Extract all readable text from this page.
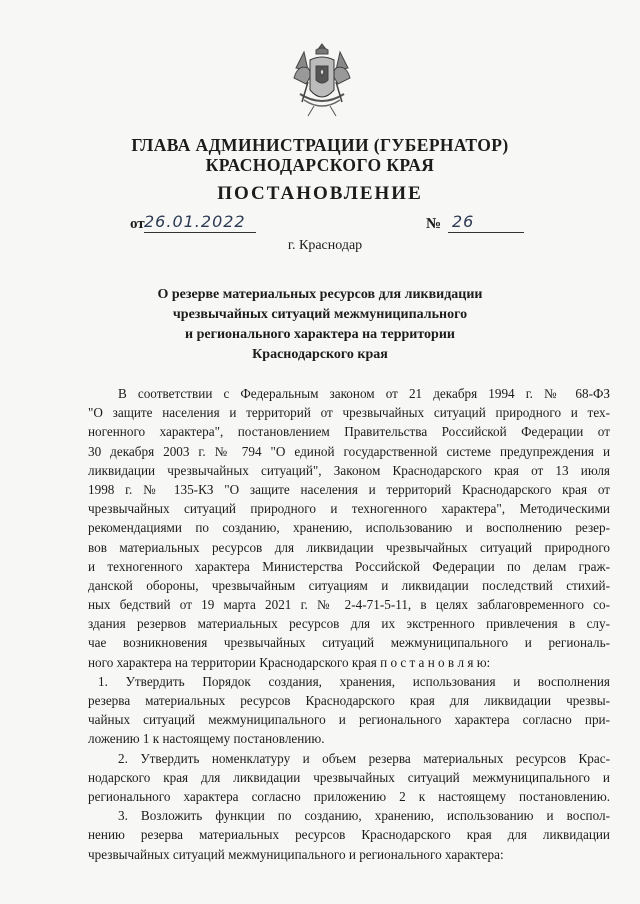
ГЛАВА АДМИНИСТРАЦИИ (ГУБЕРНАТОР)
КРАСНОДАРСКОГО КРАЯ
ПОСТАНОВЛЕНИЕ
от 26.01.2022	№ 26
г. Краснодар
О резерве материальных ресурсов для ликвидации
чрезвычайных ситуаций межмуниципального
и регионального характера на территории
Краснодарского края
В соответствии с Федеральным законом от 21 декабря 1994 г. № 68-ФЗ
"О защите населения и территорий от чрезвычайных ситуаций природного и тех-
ногенного характера", постановлением Правительства Российской Федерации от
30 декабря 2003 г. № 794 "О единой государственной системе предупреждения и
ликвидации чрезвычайных ситуаций", Законом Краснодарского края от 13 июля
1998 г. № 135-КЗ "О защите населения и территорий Краснодарского края от
чрезвычайных ситуаций природного и техногенного характера", Методическими
рекомендациями по созданию, хранению, использованию и восполнению резер-
вов материальных ресурсов для ликвидации чрезвычайных ситуаций природного
и техногенного характера Министерства Российской Федерации по делам граж-
данской обороны, чрезвычайным ситуациям и ликвидации последствий стихий-
ных бедствий от 19 марта 2021 г. № 2-4-71-5-11, в целях заблаговременного со-
здания резервов материальных ресурсов для их экстренного привлечения в слу-
чае возникновения чрезвычайных ситуаций межмуниципального и региональ-
ного характера на территории Краснодарского края п о с т а н о в л я ю:
1. Утвердить Порядок создания, хранения, использования и восполнения
резерва материальных ресурсов Краснодарского края для ликвидации чрезвы-
чайных ситуаций межмуниципального и регионального характера согласно при-
ложению 1 к настоящему постановлению.
2. Утвердить номенклатуру и объем резерва материальных ресурсов Крас-
нодарского края для ликвидации чрезвычайных ситуаций межмуниципального и
регионального характера согласно приложению 2 к настоящему постановлению.
3. Возложить функции по созданию, хранению, использованию и воспол-
нению резерва материальных ресурсов Краснодарского края для ликвидации
чрезвычайных ситуаций межмуниципального и регионального характера:
